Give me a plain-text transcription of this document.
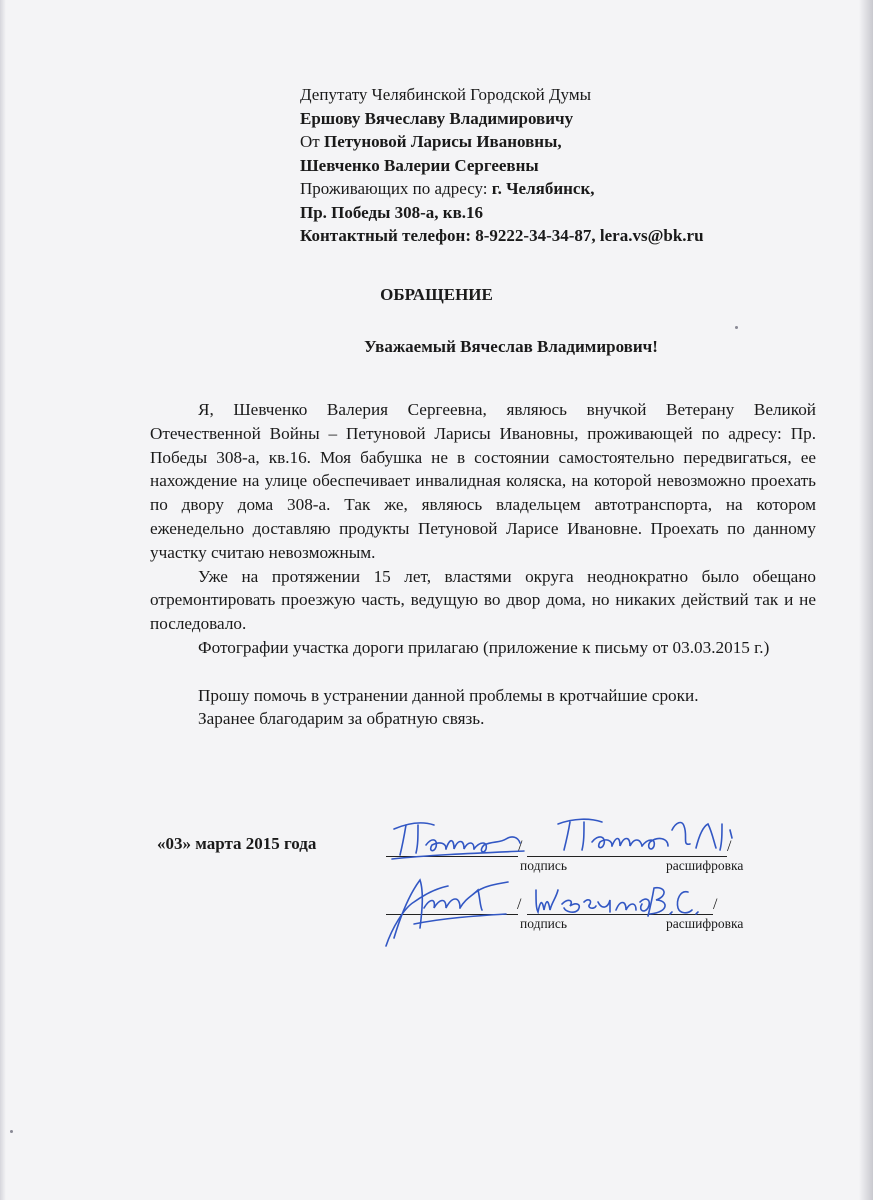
Депутату Челябинской Городской Думы
Ершову Вячеславу Владимировичу
От Петуновой Ларисы Ивановны,
Шевченко Валерии Сергеевны
Проживающих по адресу: г. Челябинск,
Пр. Победы 308-а, кв.16
Контактный телефон: 8-9222-34-34-87, lera.vs@bk.ru
ОБРАЩЕНИЕ
Уважаемый Вячеслав Владимирович!

Я, Шевченко Валерия Сергеевна, являюсь внучкой Ветерану Великой Отечественной Войны – Петуновой Ларисы Ивановны, проживающей по адресу: Пр. Победы 308-а, кв.16. Моя бабушка не в состоянии самостоятельно передвигаться, ее нахождение на улице обеспечивает инвалидная коляска, на которой невозможно проехать по двору дома 308-а. Так же, являюсь владельцем автотранспорта, на котором еженедельно доставляю продукты Петуновой Ларисе Ивановне. Проехать по данному участку считаю невозможным.

Уже на протяжении 15 лет, властями округа неоднократно было обещано отремонтировать проезжую часть, ведущую во двор дома, но никаких действий так и не последовало.

Фотографии участка дороги прилагаю (приложение к письму от 03.03.2015 г.)

Прошу помочь в устранении данной проблемы в кротчайшие сроки.

Заранее благодарим за обратную связь.

«03» марта 2015 года	/	/
подпись	расшифровка
/	/
подпись	расшифровка
